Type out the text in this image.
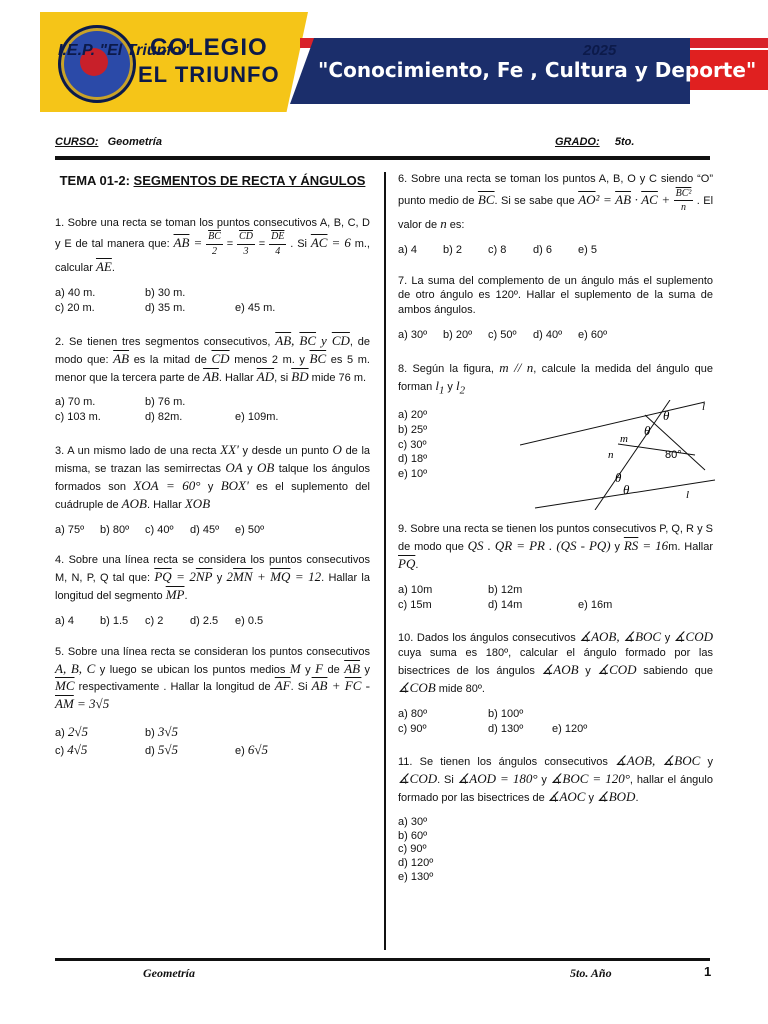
COLEGIO
EL TRIUNFO
I.E.P. "El Triunfo"	2025
"Conocimiento, Fe , Cultura y Deporte"
CURSO: Geometría	GRADO: 5to.
TEMA 01-2: SEGMENTOS DE RECTA Y ÁNGULOS
1. Sobre una recta se toman los puntos consecutivos A, B, C, D y E de tal manera que: $\overline{AB} = \frac{\overline{BC}}{2} = \frac{\overline{CD}}{3} = \frac{\overline{DE}}{4}$ . Si $\overline{AC} = 6$ m., calcular $\overline{AE}$.
a) 40 m.	b) 30 m.
c) 20 m.	d) 35 m.	e) 45 m.
2. Se tienen tres segmentos consecutivos, $\overline{AB}$, $\overline{BC}$ y $\overline{CD}$, de modo que: $\overline{AB}$ es la mitad de $\overline{CD}$ menos 2 m. y $\overline{BC}$ es 5 m. menor que la tercera parte de $\overline{AB}$. Hallar $\overline{AD}$, si $\overline{BD}$ mide 76 m.
a) 70 m.	b) 76 m.
c) 103 m.	d) 82m.	e) 109m.
3. A un mismo lado de una recta XX' y desde un punto O de la misma, se trazan las semirrectas OA y OB talque los ángulos formados son XOA = 60° y BOX' es el suplemento del cuádruple de AOB. Hallar XOB
a) 75º	b) 80º	c) 40º	d) 45º	e) 50º
4. Sobre una línea recta se considera los puntos consecutivos M, N, P, Q tal que: $\overline{PQ} = 2\overline{NP}$ y $2\overline{MN} + \overline{MQ} = 12$. Hallar la longitud del segmento $\overline{MP}$.
a) 4	b) 1.5	c) 2	d) 2.5	e) 0.5
5. Sobre una línea recta se consideran los puntos consecutivos A, B, C y luego se ubican los puntos medios M y F de $\overline{AB}$ y $\overline{MC}$ respectivamente . Hallar la longitud de $\overline{AF}$. Si $\overline{AB} + \overline{FC} - \overline{AM} = 3√5$
a) 2√5	b) 3√5
c) 4√5	d) 5√5	e) 6√5
6. Sobre una recta se toman los puntos A, B, O y C siendo “O” punto medio de $\overline{BC}$. Si se sabe que $\overline{AO}^2 = \overline{AB} \cdot \overline{AC} + \frac{\text{BC²}}{n}$ . El valor de n es:
a) 4	b) 2	c) 8	d) 6	e) 5
7. La suma del complemento de un ángulo más el suplemento de otro ángulo es 120º. Hallar el suplemento de la suma de ambos ángulos.
a) 30º	b) 20º	c) 50º	d) 40º	e) 60º
8. Según la figura, m // n, calcule la medida del ángulo que forman $l_1$ y $l_2$
a) 20º
b) 25º
c) 30º
d) 18º
e) 10º
9. Sobre una recta se tienen los puntos consecutivos P, Q, R y S de modo que QS . QR = PR . (QS - PQ) y $\overline{RS} = 16m$. Hallar $\overline{PQ}$.
a) 10m	b) 12m
c) 15m	d) 14m	e) 16m
10. Dados los ángulos consecutivos ∡AOB, ∡BOC y ∡COD cuya suma es 180º, calcular el ángulo formado por las bisectrices de los ángulos ∡AOB y ∡COD sabiendo que ∡COB mide 80º.
a) 80º	b) 100º
c) 90º	d) 130º	e) 120º
11. Se tienen los ángulos consecutivos ∡AOB, ∡BOC y ∡COD. Si ∡AOD = 180° y ∡BOC = 120°, hallar el ángulo formado por las bisectrices de ∡AOC y ∡BOD.
a) 30º
b) 60º
c) 90º
d) 120º
e) 130º
θ
θ
θ
θ
m
n	80°
l
l
Geometría	5to. Año	1
